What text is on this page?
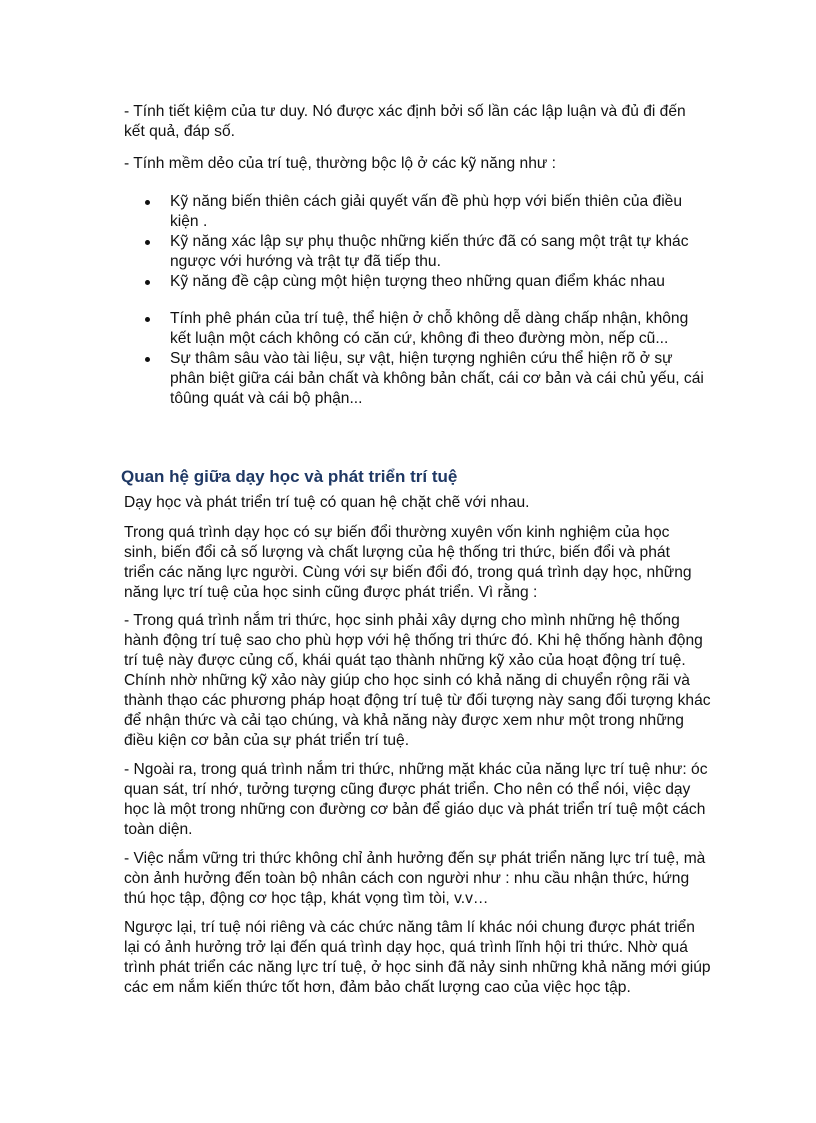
- Tính tiết kiệm của tư duy. Nó được xác định bởi số lần các lập luận và đủ đi đến kết quả, đáp số.

- Tính mềm dẻo của trí tuệ, thường bộc lộ ở các kỹ năng như :

Kỹ năng biến thiên cách giải quyết vấn đề phù hợp với biến thiên của điều kiện .
Kỹ năng xác lập sự phụ thuộc những kiến thức đã có sang một trật tự khác ngược với hướng và trật tự đã tiếp thu.
Kỹ năng đề cập cùng một hiện tượng theo những quan điểm khác nhau
Tính phê phán của trí tuệ, thể hiện ở chỗ không dễ dàng chấp nhận, không kết luận một cách không có căn cứ, không đi theo đường mòn, nếp cũ...
Sự thâm sâu vào tài liệu, sự vật, hiện tượng nghiên cứu thể hiện rõ ở sự phân biệt giữa cái bản chất và không bản chất, cái cơ bản và cái chủ yếu, cái tôûng quát và cái bộ phận...
Quan hệ giữa dạy học và phát triển trí tuệ

Dạy học và phát triển trí tuệ có quan hệ chặt chẽ với nhau.

Trong quá trình dạy học có sự biến đổi thường xuyên vốn kinh nghiệm của học sinh, biến đổi cả số lượng và chất lượng của hệ thống tri thức, biến đổi và phát triển các năng lực người. Cùng với sự biến đổi đó, trong quá trình dạy học, những năng lực trí tuệ của học sinh cũng được phát triển. Vì rằng :

- Trong quá trình nắm tri thức, học sinh phải xây dựng cho mình những hệ thống hành động trí tuệ sao cho phù hợp với hệ thống tri thức đó. Khi hệ thống hành động trí tuệ này được củng cố, khái quát tạo thành những kỹ xảo của hoạt động trí tuệ. Chính nhờ những kỹ xảo này giúp cho học sinh có khả năng di chuyển rộng rãi và thành thạo các phương pháp hoạt động trí tuệ từ đối tượng này sang đối tượng khác để nhận thức và cải tạo chúng, và khả năng này được xem như một trong những điều kiện cơ bản của sự phát triển trí tuệ.

- Ngoài ra, trong quá trình nắm tri thức, những mặt khác của năng lực trí tuệ như: óc quan sát, trí nhớ, tưởng tượng cũng được phát triển. Cho nên có thể nói, việc dạy học là một trong những con đường cơ bản để giáo dục và phát triển trí tuệ một cách toàn diện.

- Việc nắm vững tri thức không chỉ ảnh hưởng đến sự phát triển năng lực trí tuệ, mà còn ảnh hưởng đến toàn bộ nhân cách con người như : nhu cầu nhận thức, hứng thú học tập, động cơ học tập, khát vọng tìm tòi, v.v…

Ngược lại, trí tuệ nói riêng và các chức năng tâm lí khác nói chung được phát triển lại có ảnh hưởng trở lại đến quá trình dạy học, quá trình lĩnh hội tri thức. Nhờ quá trình phát triển các năng lực trí tuệ, ở học sinh đã nảy sinh những khả năng mới giúp các em nắm kiến thức tốt hơn, đảm bảo chất lượng cao của việc học tập.
